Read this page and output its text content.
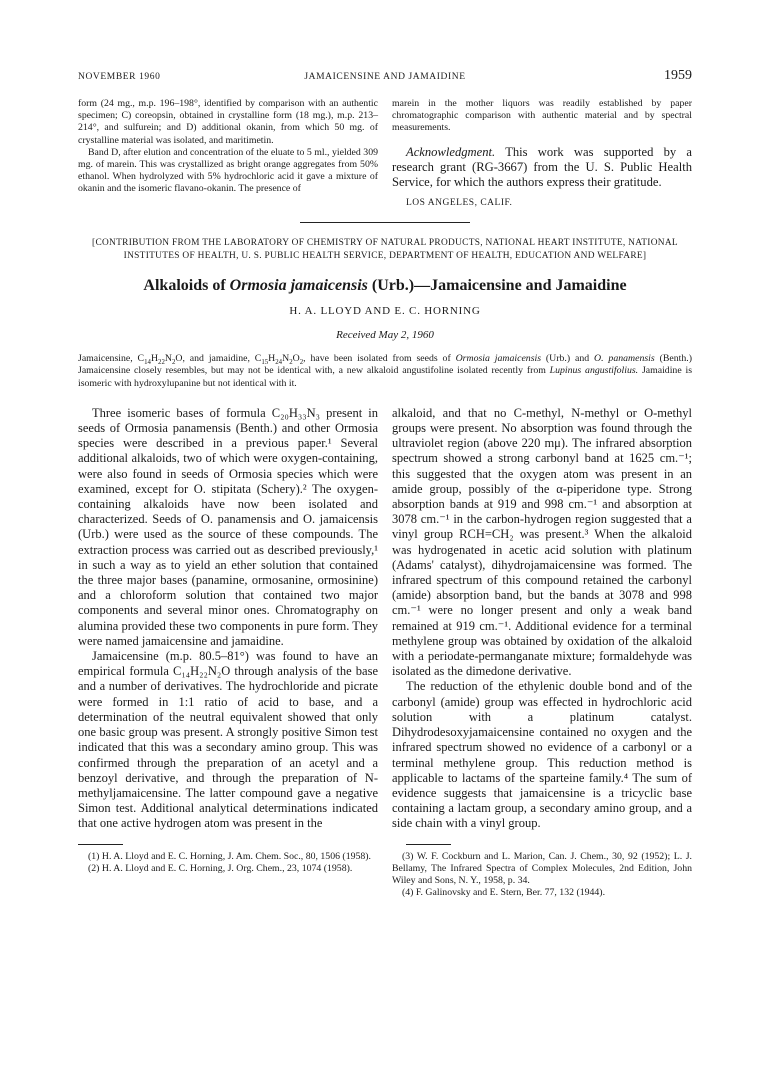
NOVEMBER 1960	JAMAICENSINE AND JAMAIDINE	1959

form (24 mg., m.p. 196–198°, identified by comparison with an authentic specimen; C) coreopsin, obtained in crystalline form (18 mg.), m.p. 213–214°, and sulfurein; and D) additional okanin, from which 50 mg. of crystalline material was isolated, and maritimetin.

Band D, after elution and concentration of the eluate to 5 ml., yielded 309 mg. of marein. This was crystallized as bright orange aggregates from 50% ethanol. When hydrolyzed with 5% hydrochloric acid it gave a mixture of okanin and the isomeric flavano-okanin. The presence of

marein in the mother liquors was readily established by paper chromatographic comparison with authentic material and by spectral measurements.

Acknowledgment. This work was supported by a research grant (RG-3667) from the U. S. Public Health Service, for which the authors express their gratitude.

LOS ANGELES, CALIF.
[CONTRIBUTION FROM THE LABORATORY OF CHEMISTRY OF NATURAL PRODUCTS, NATIONAL HEART INSTITUTE, NATIONAL INSTITUTES OF HEALTH, U. S. PUBLIC HEALTH SERVICE, DEPARTMENT OF HEALTH, EDUCATION AND WELFARE]
Alkaloids of Ormosia jamaicensis (Urb.)—Jamaicensine and Jamaidine
H. A. LLOYD AND E. C. HORNING
Received May 2, 1960
Jamaicensine, $C_{14}H_{22}N_2O$, and jamaidine, $C_{15}H_{24}N_2O_2$, have been isolated from seeds of Ormosia jamaicensis (Urb.) and O. panamensis (Benth.) Jamaicensine closely resembles, but may not be identical with, a new alkaloid angustifoline isolated recently from Lupinus angustifolius. Jamaidine is isomeric with hydroxylupanine but not identical with it.

Three isomeric bases of formula C₂₀H₃₃N₃ present in seeds of Ormosia panamensis (Benth.) and other Ormosia species were described in a previous paper.¹ Several additional alkaloids, two of which were oxygen-containing, were also found in seeds of Ormosia species which were examined, except for O. stipitata (Schery).² The oxygen-containing alkaloids have now been isolated and characterized. Seeds of O. panamensis and O. jamaicensis (Urb.) were used as the source of these compounds. The extraction process was carried out as described previously,¹ in such a way as to yield an ether solution that contained the three major bases (panamine, ormosanine, ormosinine) and a chloroform solution that contained two major components and several minor ones. Chromatography on alumina provided these two components in pure form. They were named jamaicensine and jamaidine.

Jamaicensine (m.p. 80.5–81°) was found to have an empirical formula C₁₄H₂₂N₂O through analysis of the base and a number of derivatives. The hydrochloride and picrate were formed in 1:1 ratio of acid to base, and a determination of the neutral equivalent showed that only one basic group was present. A strongly positive Simon test indicated that this was a secondary amino group. This was confirmed through the preparation of an acetyl and a benzoyl derivative, and through the preparation of N-methyljamaicensine. The latter compound gave a negative Simon test. Additional analytical determinations indicated that one active hydrogen atom was present in the

alkaloid, and that no C-methyl, N-methyl or O-methyl groups were present. No absorption was found through the ultraviolet region (above 220 mμ). The infrared absorption spectrum showed a strong carbonyl band at 1625 cm.⁻¹; this suggested that the oxygen atom was present in an amide group, possibly of the α-piperidone type. Strong absorption bands at 919 and 998 cm.⁻¹ and absorption at 3078 cm.⁻¹ in the carbon-hydrogen region suggested that a vinyl group RCH=CH₂ was present.³ When the alkaloid was hydrogenated in acetic acid solution with platinum (Adams' catalyst), dihydrojamaicensine was formed. The infrared spectrum of this compound retained the carbonyl (amide) absorption band, but the bands at 3078 and 998 cm.⁻¹ were no longer present and only a weak band remained at 919 cm.⁻¹. Additional evidence for a terminal methylene group was obtained by oxidation of the alkaloid with a periodate-permanganate mixture; formaldehyde was isolated as the dimedone derivative.

The reduction of the ethylenic double bond and of the carbonyl (amide) group was effected in hydrochloric acid solution with a platinum catalyst. Dihydrodesoxyjamaicensine contained no oxygen and the infrared spectrum showed no evidence of a carbonyl or a terminal methylene group. This reduction method is applicable to lactams of the sparteine family.⁴ The sum of evidence suggests that jamaicensine is a tricyclic base containing a lactam group, a secondary amino group, and a side chain with a vinyl group.

(1) H. A. Lloyd and E. C. Horning, J. Am. Chem. Soc., 80, 1506 (1958).

(2) H. A. Lloyd and E. C. Horning, J. Org. Chem., 23, 1074 (1958).

(3) W. F. Cockburn and L. Marion, Can. J. Chem., 30, 92 (1952); L. J. Bellamy, The Infrared Spectra of Complex Molecules, 2nd Edition, John Wiley and Sons, N. Y., 1958, p. 34.

(4) F. Galinovsky and E. Stern, Ber. 77, 132 (1944).
